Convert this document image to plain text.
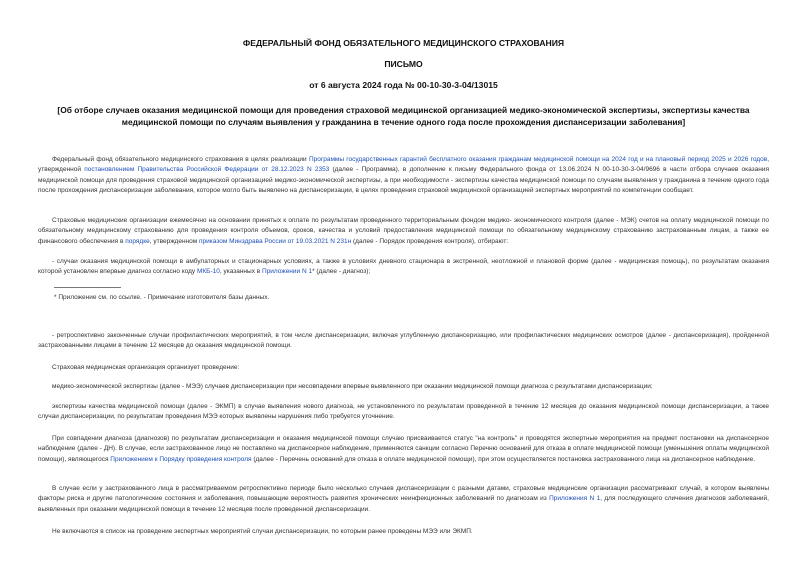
ФЕДЕРАЛЬНЫЙ ФОНД ОБЯЗАТЕЛЬНОГО МЕДИЦИНСКОГО СТРАХОВАНИЯ
ПИСЬМО
от 6 августа 2024 года № 00-10-30-3-04/13015
[Об отборе случаев оказания медицинской помощи для проведения страховой медицинской организацией медико-экономической экспертизы, экспертизы качества медицинской помощи по случаям выявления у гражданина в течение одного года после прохождения диспансеризации заболевания]

Федеральный фонд обязательного медицинского страхования в целях реализации Программы государственных гарантий бесплатного оказания гражданам медицинской помощи на 2024 год и на плановый период 2025 и 2026 годов, утвержденной постановлением Правительства Российской Федерации от 28.12.2023 N 2353 (далее - Программа), в дополнение к письму Федерального фонда от 13.06.2024 N 00-10-30-3-04/9696 в части отбора случаев оказания медицинской помощи для проведения страховой медицинской организацией медико-экономической экспертизы, а при необходимости - экспертизы качества медицинской помощи по случаям выявления у гражданина в течение одного года после прохождения диспансеризации заболевания, которое могло быть выявлено на диспансеризации, в целях проведения страховой медицинской организацией экспертных мероприятий по компетенции сообщает.

Страховые медицинские организации ежемесячно на основании принятых к оплате по результатам проведенного территориальным фондом медико- экономического контроля (далее - МЭК) счетов на оплату медицинской помощи по обязательному медицинскому страхованию для проведения контроля объемов, сроков, качества и условий предоставления медицинской помощи по обязательному медицинскому страхованию застрахованным лицам, а также ее финансового обеспечения в порядке, утвержденном приказом Минздрава России от 19.03.2021 N 231н (далее - Порядок проведения контроля), отбирают:

- случаи оказания медицинской помощи в амбулаторных и стационарных условиях, а также в условиях дневного стационара в экстренной, неотложной и плановой форме (далее - медицинская помощь), по результатам оказания которой установлен впервые диагноз согласно коду МКБ-10, указанных в Приложении N 1* (далее - диагноз);

* Приложение см. по ссылке. - Примечание изготовителя базы данных.

- ретроспективно законченные случаи профилактических мероприятий, в том числе диспансеризации, включая углубленную диспансеризацию, или профилактических медицинских осмотров (далее - диспансеризация), пройденной застрахованными лицами в течение 12 месяцев до оказания медицинской помощи.

Страховая медицинская организация организует проведение:

медико-экономической экспертизы (далее - МЭЭ) случаев диспансеризации при несовпадении впервые выявленного при оказании медицинской помощи диагноза с результатами диспансеризации;

экспертизы качества медицинской помощи (далее - ЭКМП) в случае выявления нового диагноза, не установленного по результатам проведенной в течение 12 месяцев до оказания медицинской помощи диспансеризации, а также случаи диспансеризации, по результатам проведения МЭЭ которых выявлены нарушения либо требуется уточнение.

При совпадении диагноза (диагнозов) по результатам диспансеризации и оказания медицинской помощи случаю присваивается статус "на контроль" и проводятся экспертные мероприятия на предмет постановки на диспансерное наблюдение (далее - ДН). В случае, если застрахованное лицо не поставлено на диспансерное наблюдение, применяются санкции согласно Перечню оснований для отказа в оплате медицинской помощи (уменьшения оплаты медицинской помощи), являющегося Приложением к Порядку проведения контроля (далее - Перечень оснований для отказа в оплате медицинской помощи), при этом осуществляется постановка застрахованного лица на диспансерное наблюдение.

В случае если у застрахованного лица в рассматриваемом ретроспективно периоде было несколько случаев диспансеризации с разными датами, страховые медицинские организации рассматривают случай, в котором выявлены факторы риска и другие патологические состояния и заболевания, повышающие вероятность развития хронических неинфекционных заболеваний по диагнозам из Приложения N 1, для последующего сличения диагнозов заболеваний, выявленных при оказании медицинской помощи в течение 12 месяцев после проведенной диспансеризации.

Не включаются в список на проведение экспертных мероприятий случаи диспансеризации, по которым ранее проведены МЭЭ или ЭКМП.
